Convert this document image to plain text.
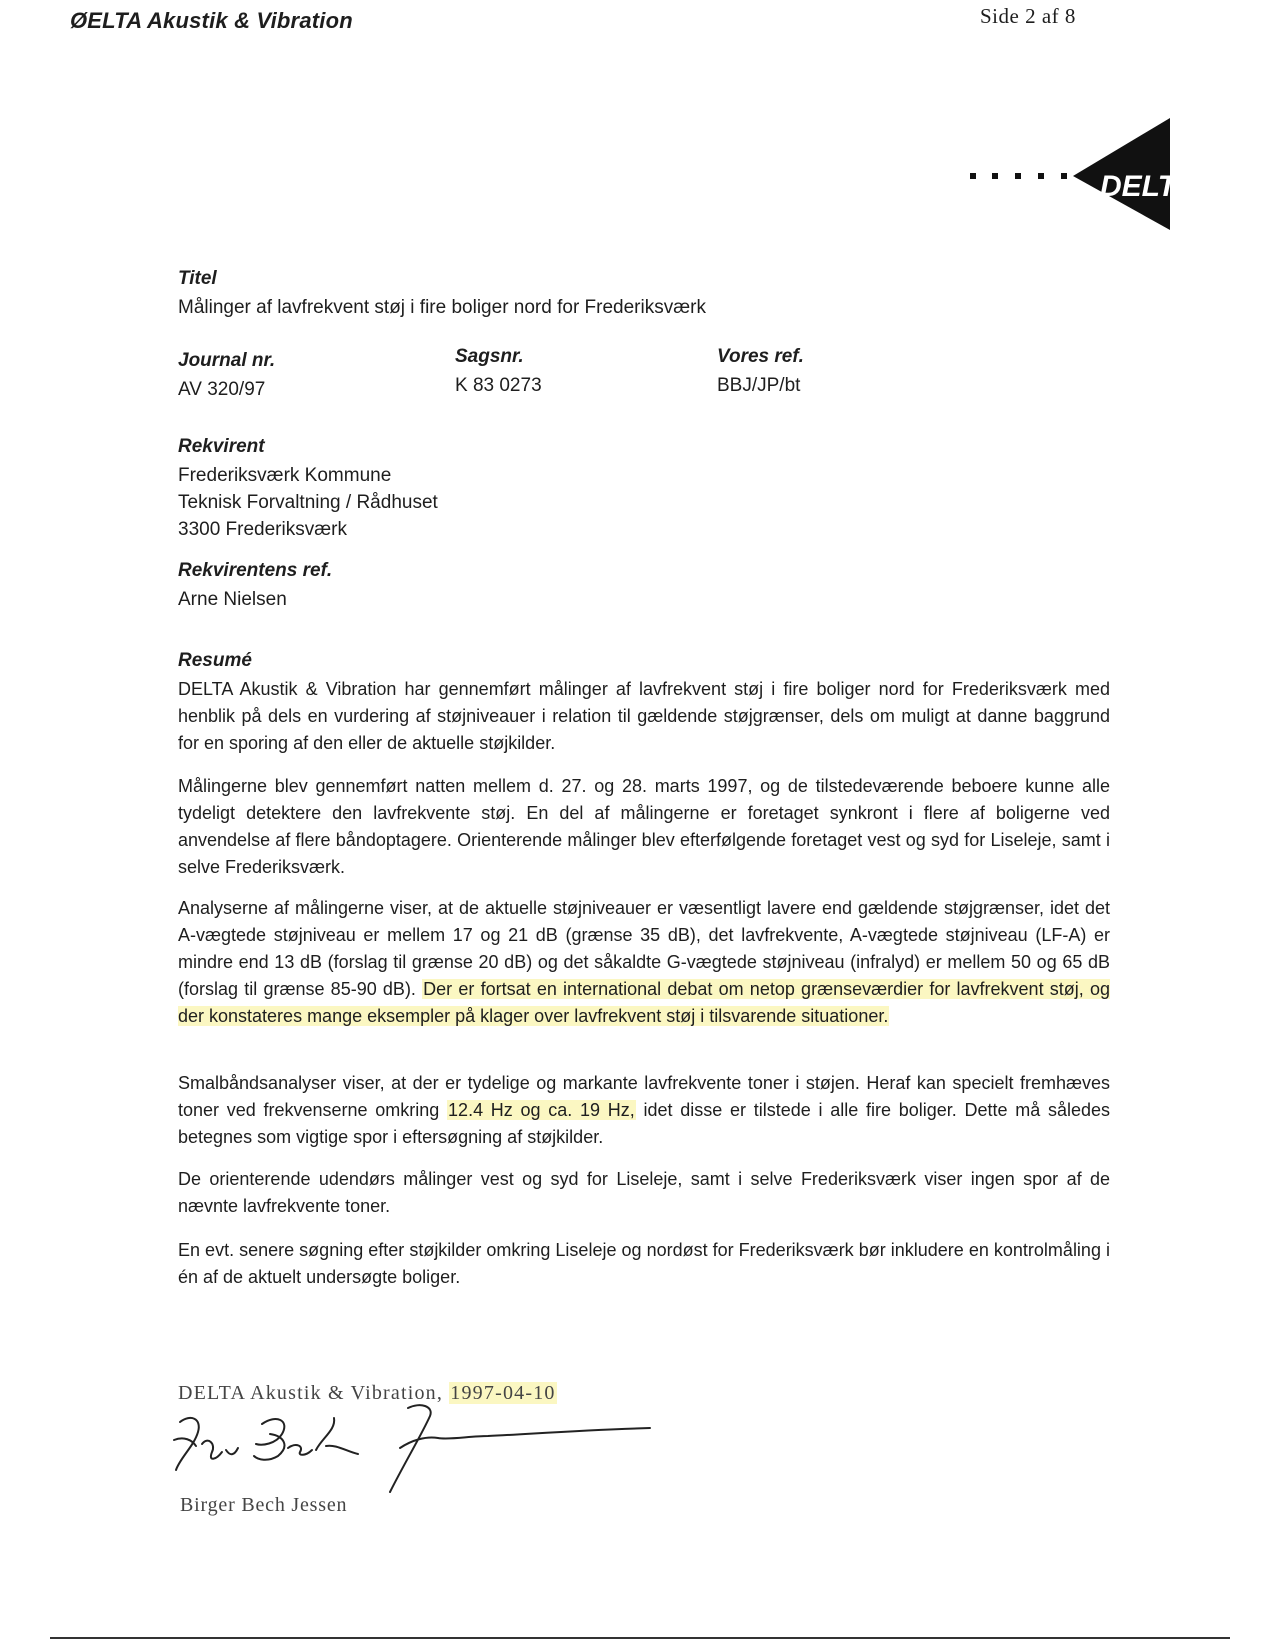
ØELTA Akustik & Vibration	Side 2 af 8
DELT

Titel

Målinger af lavfrekvent støj i fire boliger nord for Frederiksværk

Journal nr.

AV 320/97

Sagsnr.

K 83 0273

Vores ref.

BBJ/JP/bt

Rekvirent

Frederiksværk Kommune

Teknisk Forvaltning / Rådhuset

3300 Frederiksværk

Rekvirentens ref.

Arne Nielsen

Resumé

DELTA Akustik & Vibration har gennemført målinger af lavfrekvent støj i fire boliger nord for Frederiksværk med henblik på dels en vurdering af støjniveauer i relation til gældende støjgrænser, dels om muligt at danne baggrund for en sporing af den eller de aktuelle støjkilder.

Målingerne blev gennemført natten mellem d. 27. og 28. marts 1997, og de tilstedeværende beboere kunne alle tydeligt detektere den lavfrekvente støj. En del af målingerne er foretaget synkront i flere af boligerne ved anvendelse af flere båndoptagere. Orienterende målinger blev efterfølgende foretaget vest og syd for Liseleje, samt i selve Frederiksværk.

Analyserne af målingerne viser, at de aktuelle støjniveauer er væsentligt lavere end gældende støjgrænser, idet det A-vægtede støjniveau er mellem 17 og 21 dB (grænse 35 dB), det lavfrekvente, A-vægtede støjniveau (LF-A) er mindre end 13 dB (forslag til grænse 20 dB) og det såkaldte G-vægtede støjniveau (infralyd) er mellem 50 og 65 dB (forslag til grænse 85-90 dB). Der er fortsat en international debat om netop grænseværdier for lavfrekvent støj, og der konstateres mange eksempler på klager over lavfrekvent støj i tilsvarende situationer.

Smalbåndsanalyser viser, at der er tydelige og markante lavfrekvente toner i støjen. Heraf kan specielt fremhæves toner ved frekvenserne omkring 12.4 Hz og ca. 19 Hz, idet disse er tilstede i alle fire boliger. Dette må således betegnes som vigtige spor i eftersøgning af støjkilder.

De orienterende udendørs målinger vest og syd for Liseleje, samt i selve Frederiksværk viser ingen spor af de nævnte lavfrekvente toner.

En evt. senere søgning efter støjkilder omkring Liseleje og nordøst for Frederiksværk bør inkludere en kontrolmåling i én af de aktuelt undersøgte boliger.

DELTA Akustik & Vibration, 1997-04-10
Birger Bech Jessen
